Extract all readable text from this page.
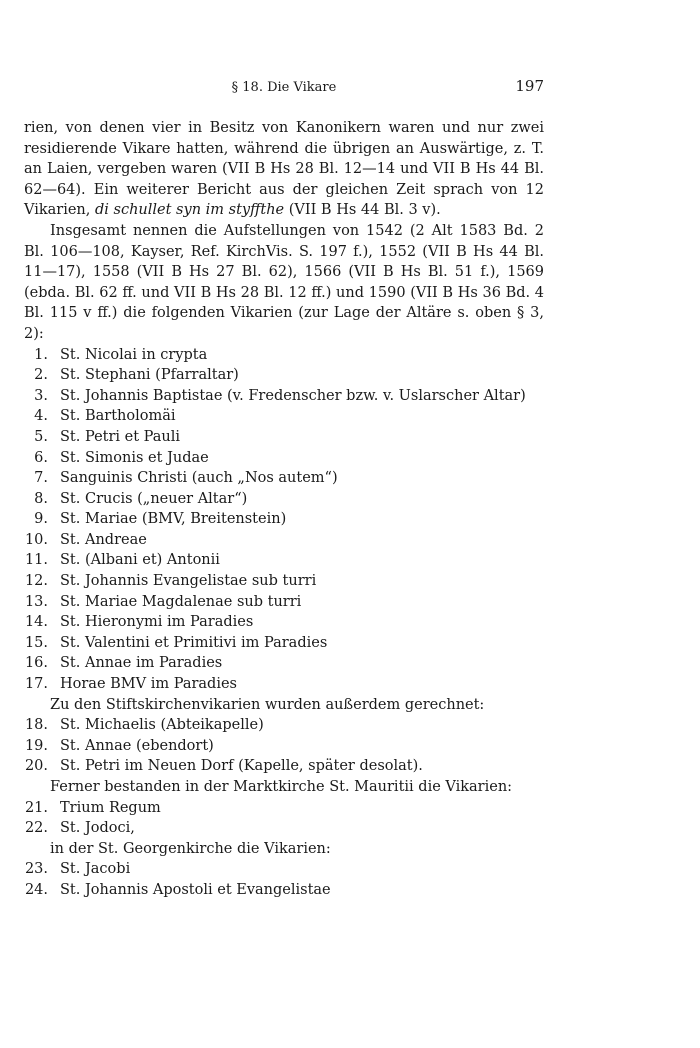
§ 18. Die Vikare	197

rien, von denen vier in Besitz von Kanonikern waren und nur zwei residierende Vikare hatten, während die übrigen an Auswärtige, z. T. an Laien, vergeben waren (VII B Hs 28 Bl. 12—14 und VII B Hs 44 Bl. 62—64). Ein weiterer Bericht aus der gleichen Zeit sprach von 12 Vikarien, di schullet syn im styffthe (VII B Hs 44 Bl. 3 v).

Insgesamt nennen die Aufstellungen von 1542 (2 Alt 1583 Bd. 2 Bl. 106—108, Kayser, Ref. KirchVis. S. 197 f.), 1552 (VII B Hs 44 Bl. 11—17), 1558 (VII B Hs 27 Bl. 62), 1566 (VII B Hs Bl. 51 f.), 1569 (ebda. Bl. 62 ff. und VII B Hs 28 Bl. 12 ff.) und 1590 (VII B Hs 36 Bd. 4 Bl. 115 v ff.) die folgenden Vikarien (zur Lage der Altäre s. oben § 3, 2):

1. St. Nicolai in crypta
2. St. Stephani (Pfarraltar)
3. St. Johannis Baptistae (v. Fredenscher bzw. v. Uslarscher Altar)
4. St. Bartholomäi
5. St. Petri et Pauli
6. St. Simonis et Judae
7. Sanguinis Christi (auch „Nos autem“)
8. St. Crucis („neuer Altar“)
9. St. Mariae (BMV, Breitenstein)
10. St. Andreae
11. St. (Albani et) Antonii
12. St. Johannis Evangelistae sub turri
13. St. Mariae Magdalenae sub turri
14. St. Hieronymi im Paradies
15. St. Valentini et Primitivi im Paradies
16. St. Annae im Paradies
17. Horae BMV im Paradies

Zu den Stiftskirchenvikarien wurden außerdem gerechnet:

18. St. Michaelis (Abteikapelle)
19. St. Annae (ebendort)
20. St. Petri im Neuen Dorf (Kapelle, später desolat).

Ferner bestanden in der Marktkirche St. Mauritii die Vikarien:

21. Trium Regum
22. St. Jodoci,

in der St. Georgenkirche die Vikarien:

23. St. Jacobi
24. St. Johannis Apostoli et Evangelistae
